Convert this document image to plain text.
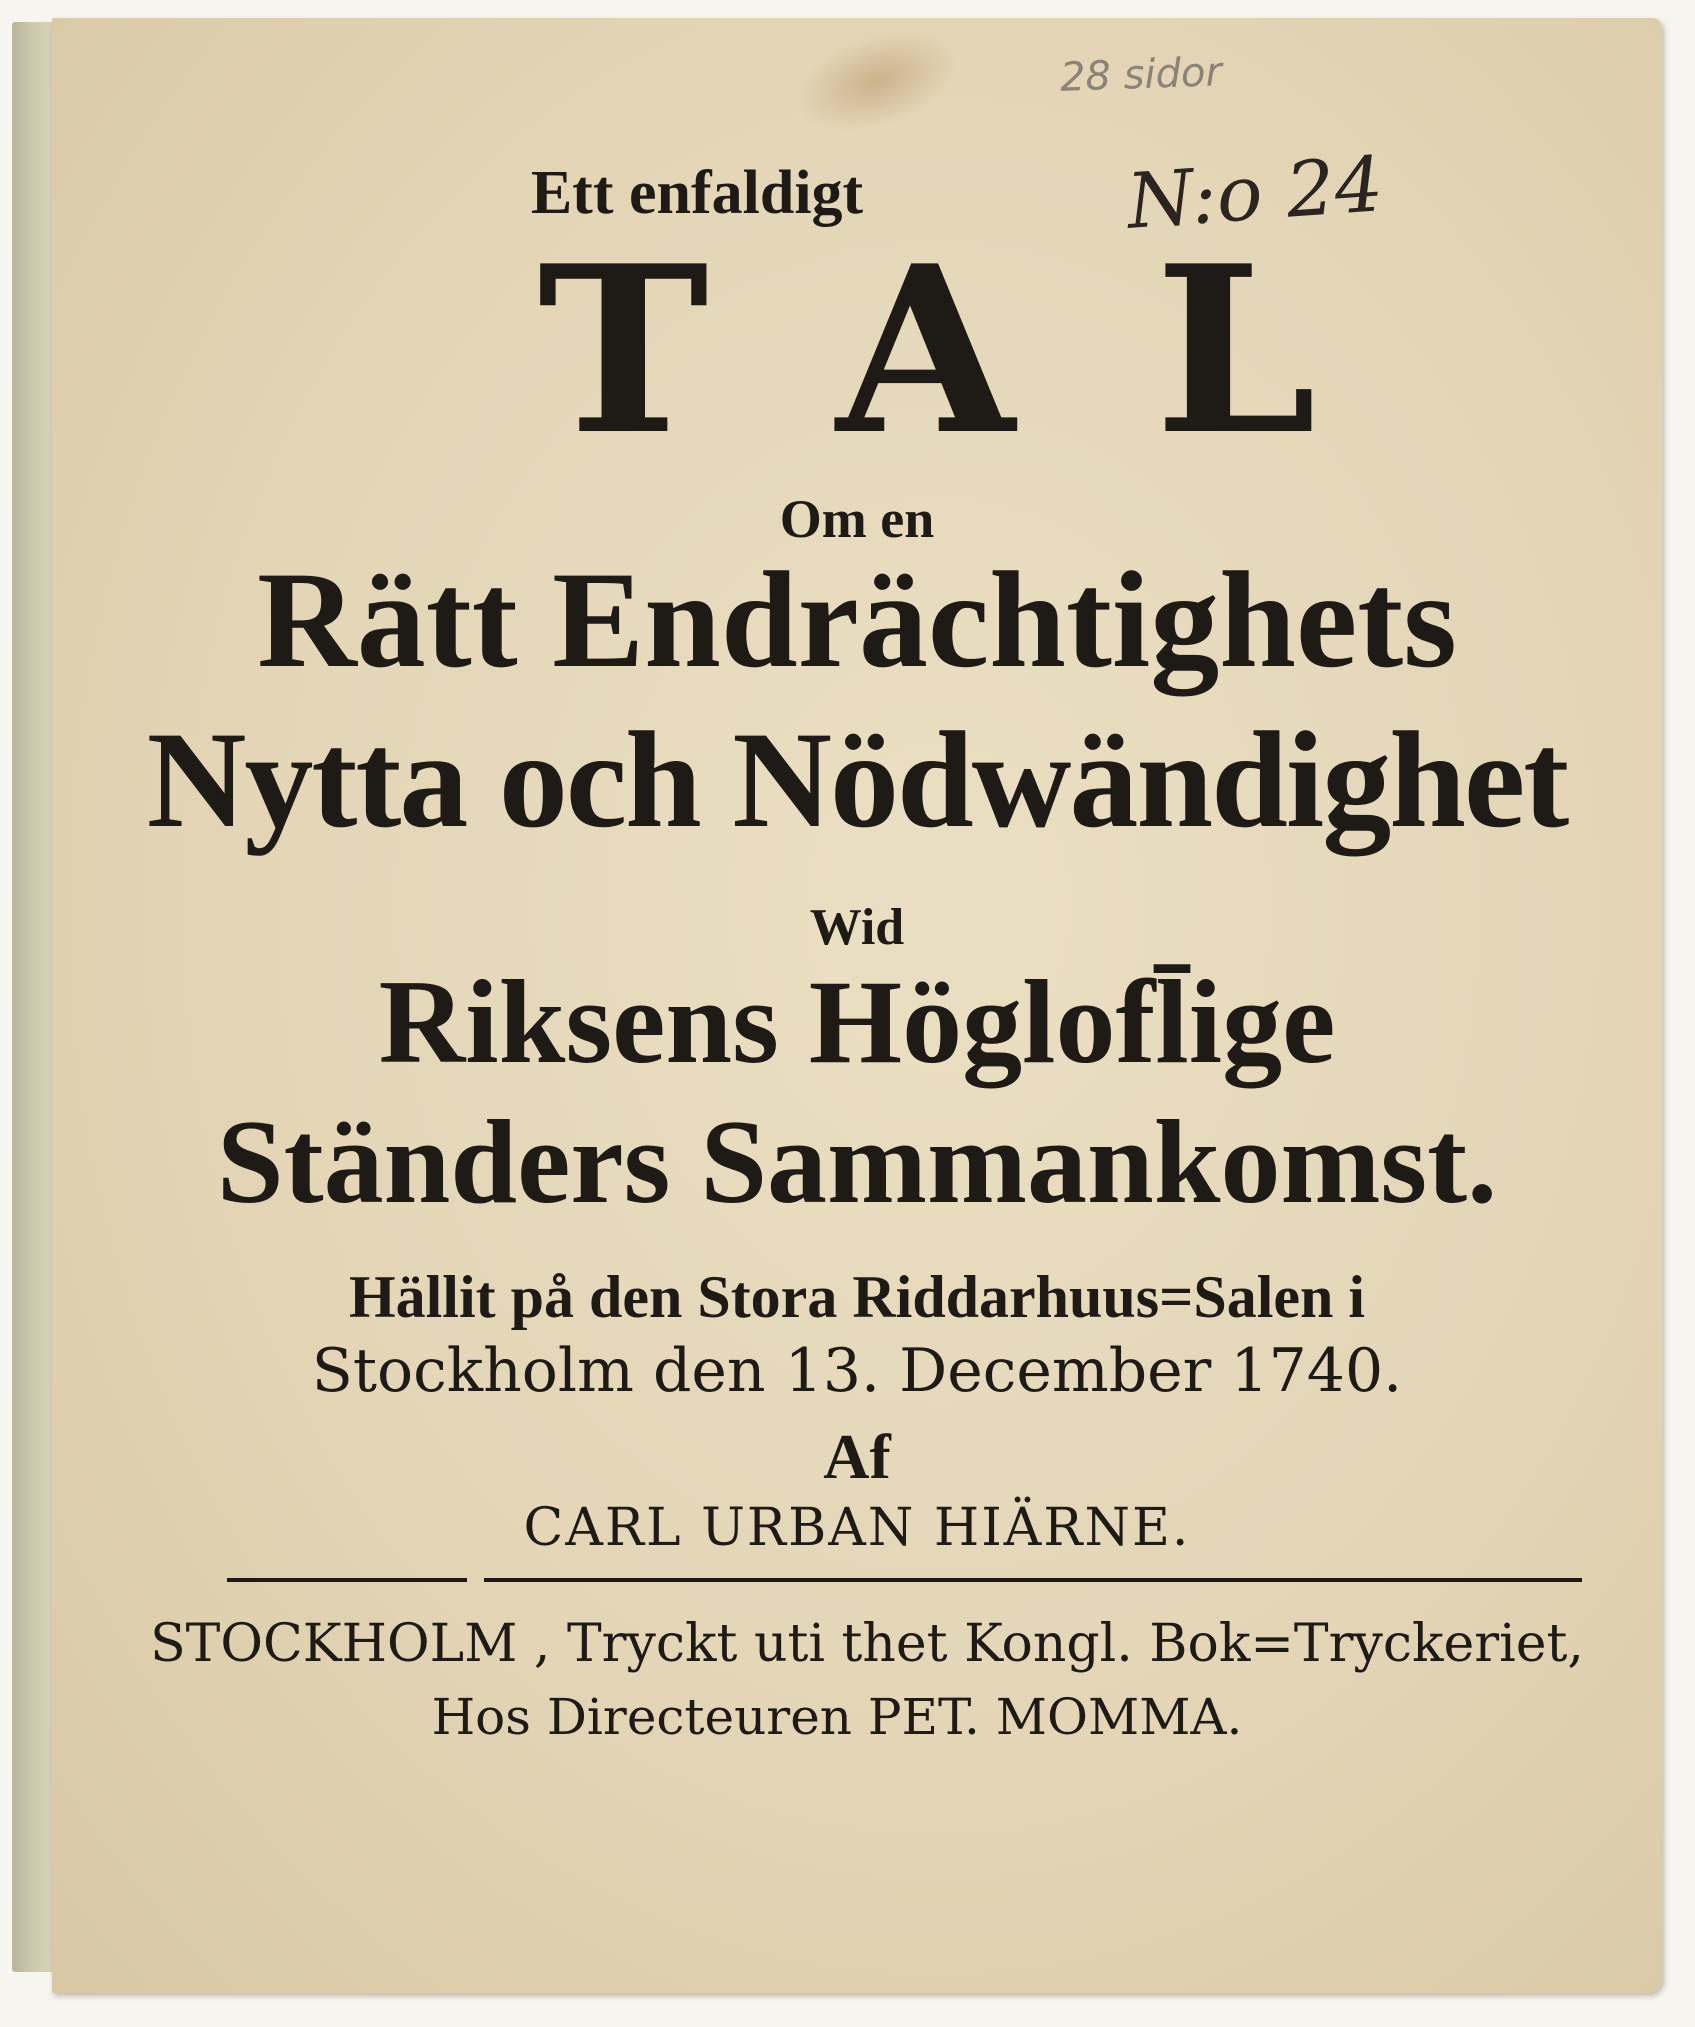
28 sidor
N:o 24

Ett enfaldigt

TAL

Om en

Rätt Endrächtighets

Nytta och Nödwändighet

Wid

Riksens Höglofl̄ige

Ständers Sammankomst.

Hällit på den Stora Riddarhuus=Salen i

Stockholm den 13. December 1740.

Af

CARL URBAN HIÄRNE.

STOCKHOLM , Tryckt uti thet Kongl. Bok=Tryckeriet,

Hos Directeuren PET. MOMMA.
